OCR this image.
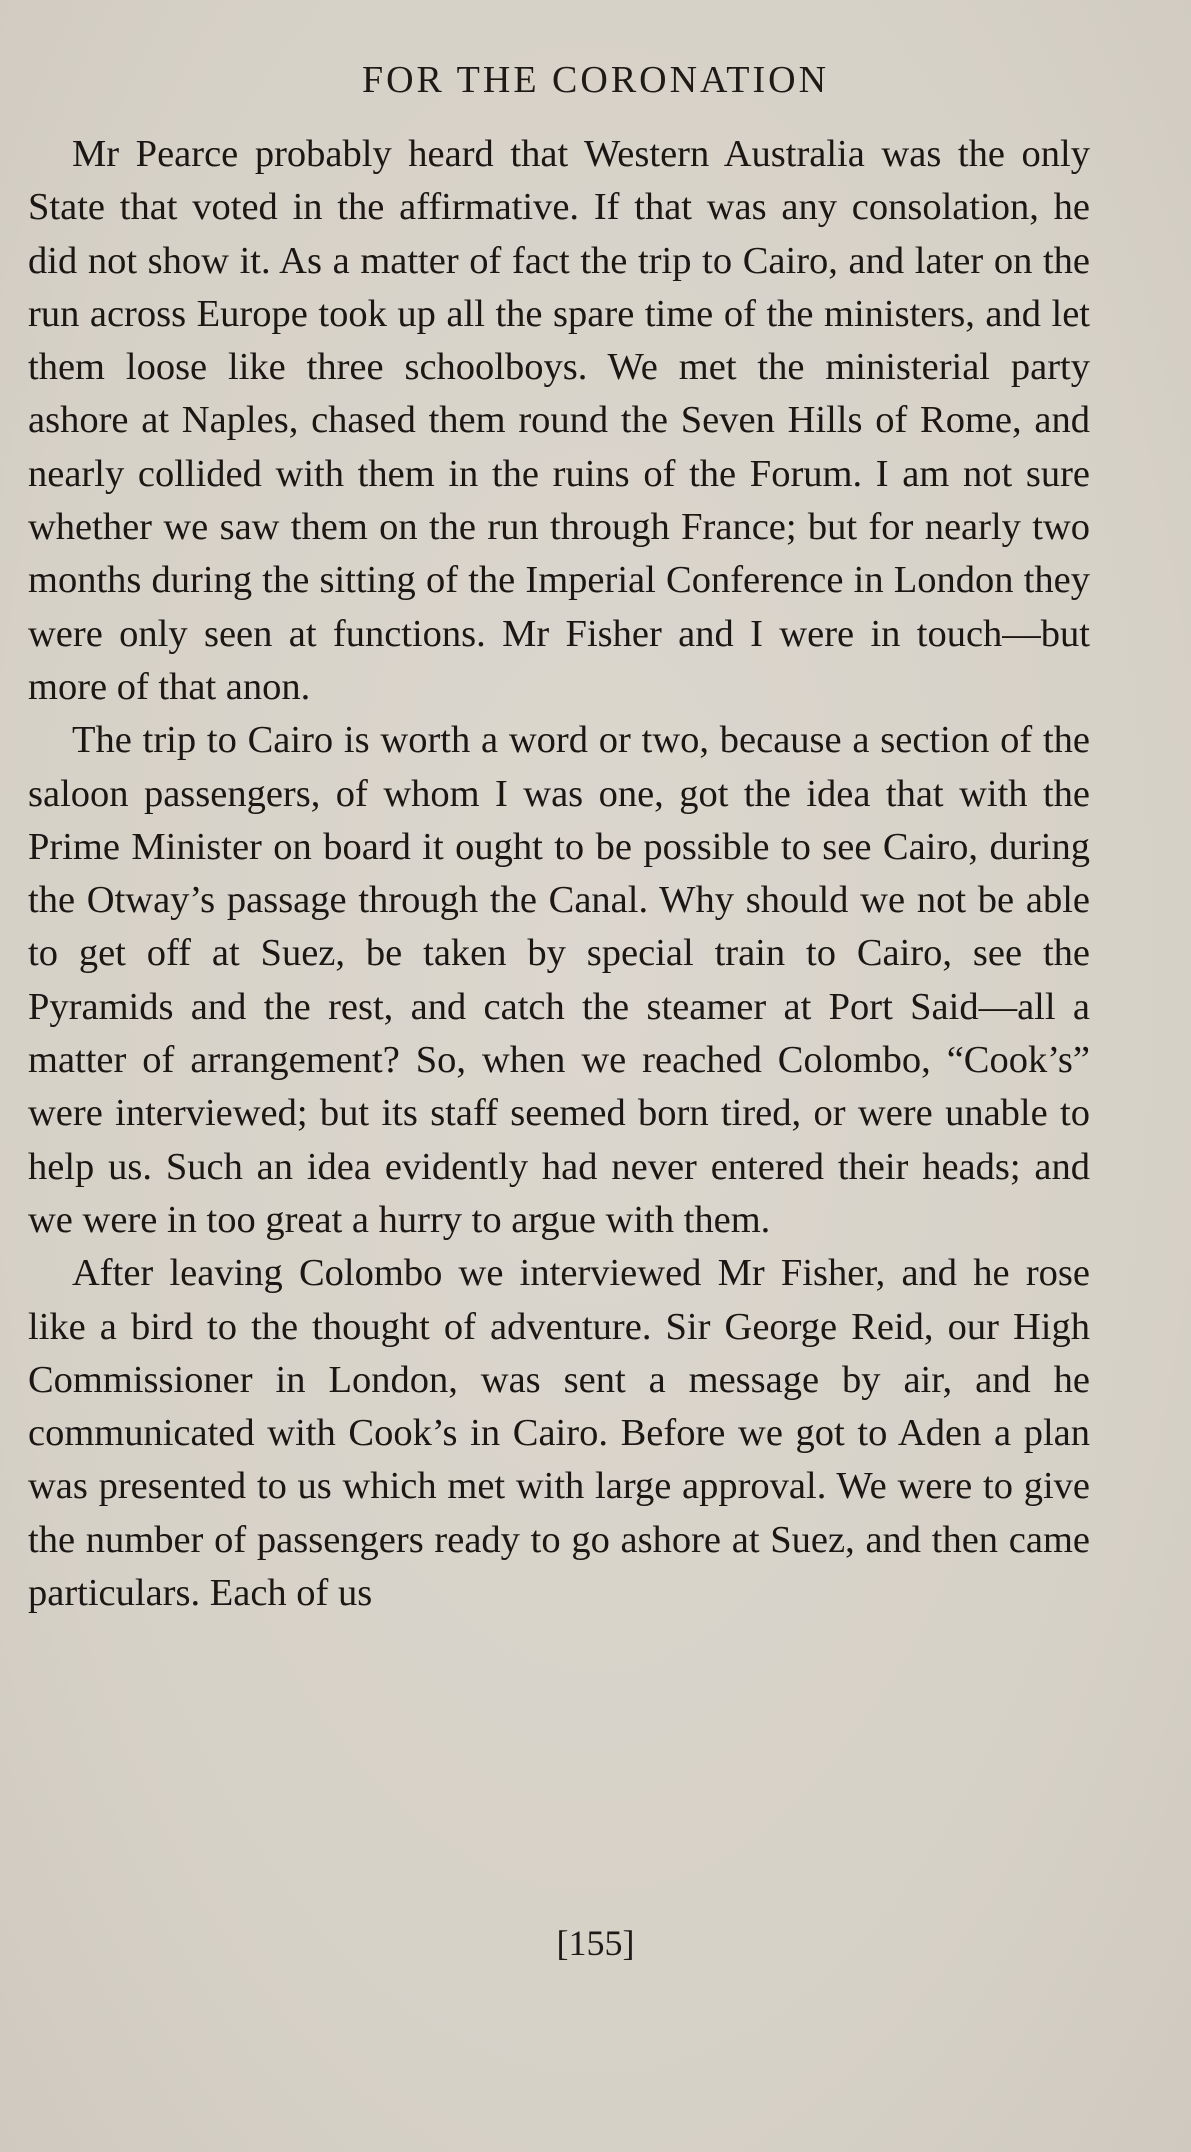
FOR THE CORONATION

Mr Pearce probably heard that Western Australia was the only State that voted in the affirmative. If that was any consolation, he did not show it. As a matter of fact the trip to Cairo, and later on the run across Europe took up all the spare time of the ministers, and let them loose like three schoolboys. We met the ministerial party ashore at Naples, chased them round the Seven Hills of Rome, and nearly collided with them in the ruins of the Forum. I am not sure whether we saw them on the run through France; but for nearly two months during the sitting of the Imperial Conference in London they were only seen at functions. Mr Fisher and I were in touch—but more of that anon.

The trip to Cairo is worth a word or two, because a section of the saloon passengers, of whom I was one, got the idea that with the Prime Minister on board it ought to be possible to see Cairo, during the Otway’s passage through the Canal. Why should we not be able to get off at Suez, be taken by special train to Cairo, see the Pyramids and the rest, and catch the steamer at Port Said—all a matter of arrangement? So, when we reached Colombo, “Cook’s” were interviewed; but its staff seemed born tired, or were unable to help us. Such an idea evidently had never entered their heads; and we were in too great a hurry to argue with them.

After leaving Colombo we interviewed Mr Fisher, and he rose like a bird to the thought of adventure. Sir George Reid, our High Commissioner in London, was sent a message by air, and he communicated with Cook’s in Cairo. Before we got to Aden a plan was presented to us which met with large approval. We were to give the number of passengers ready to go ashore at Suez, and then came particulars. Each of us

[155]
